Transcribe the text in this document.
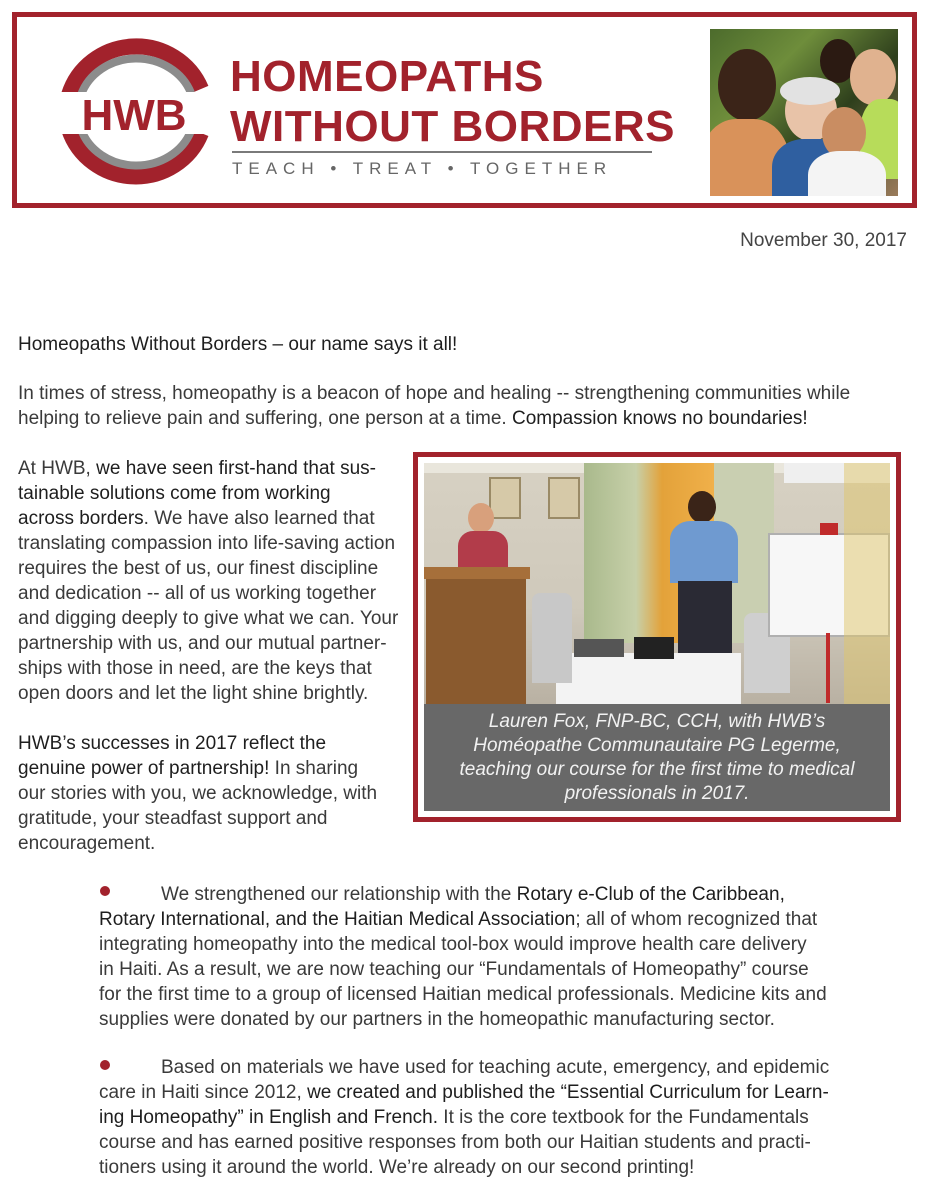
HWB
HOMEOPATHS
WITHOUT BORDERS
TEACH • TREAT • TOGETHER
November 30, 2017

Homeopaths Without Borders – our name says it all!

In times of stress, homeopathy is a beacon of hope and healing -- strengthening communities while

helping to relieve pain and suffering, one person at a time. Compassion knows no boundaries!

At HWB, we have seen first-hand that sus-
tainable solutions come from working
across borders. We have also learned that
translating compassion into life-saving action
requires the best of us, our finest discipline
and dedication -- all of us working together
and digging deeply to give what we can. Your
partnership with us, and our mutual partner-
ships with those in need, are the keys that
open doors and let the light shine brightly.
HWB’s successes in 2017 reflect the
genuine power of partnership! In sharing
our stories with you, we acknowledge, with
gratitude, your steadfast support and
encouragement.
Lauren Fox, FNP-BC, CCH, with HWB’s Homéopathe Communautaire PG Legerme, teaching our course for the first time to medical professionals in 2017.
We strengthened our relationship with the Rotary e-Club of the Caribbean,
Rotary International, and the Haitian Medical Association; all of whom recognized that
integrating homeopathy into the medical tool-box would improve health care delivery
in Haiti. As a result, we are now teaching our “Fundamentals of Homeopathy” course
for the first time to a group of licensed Haitian medical professionals. Medicine kits and
supplies were donated by our partners in the homeopathic manufacturing sector.
Based on materials we have used for teaching acute, emergency, and epidemic
care in Haiti since 2012, we created and published the “Essential Curriculum for Learn-
ing Homeopathy” in English and French. It is the core textbook for the Fundamentals
course and has earned positive responses from both our Haitian students and practi-
tioners using it around the world. We’re already on our second printing!
